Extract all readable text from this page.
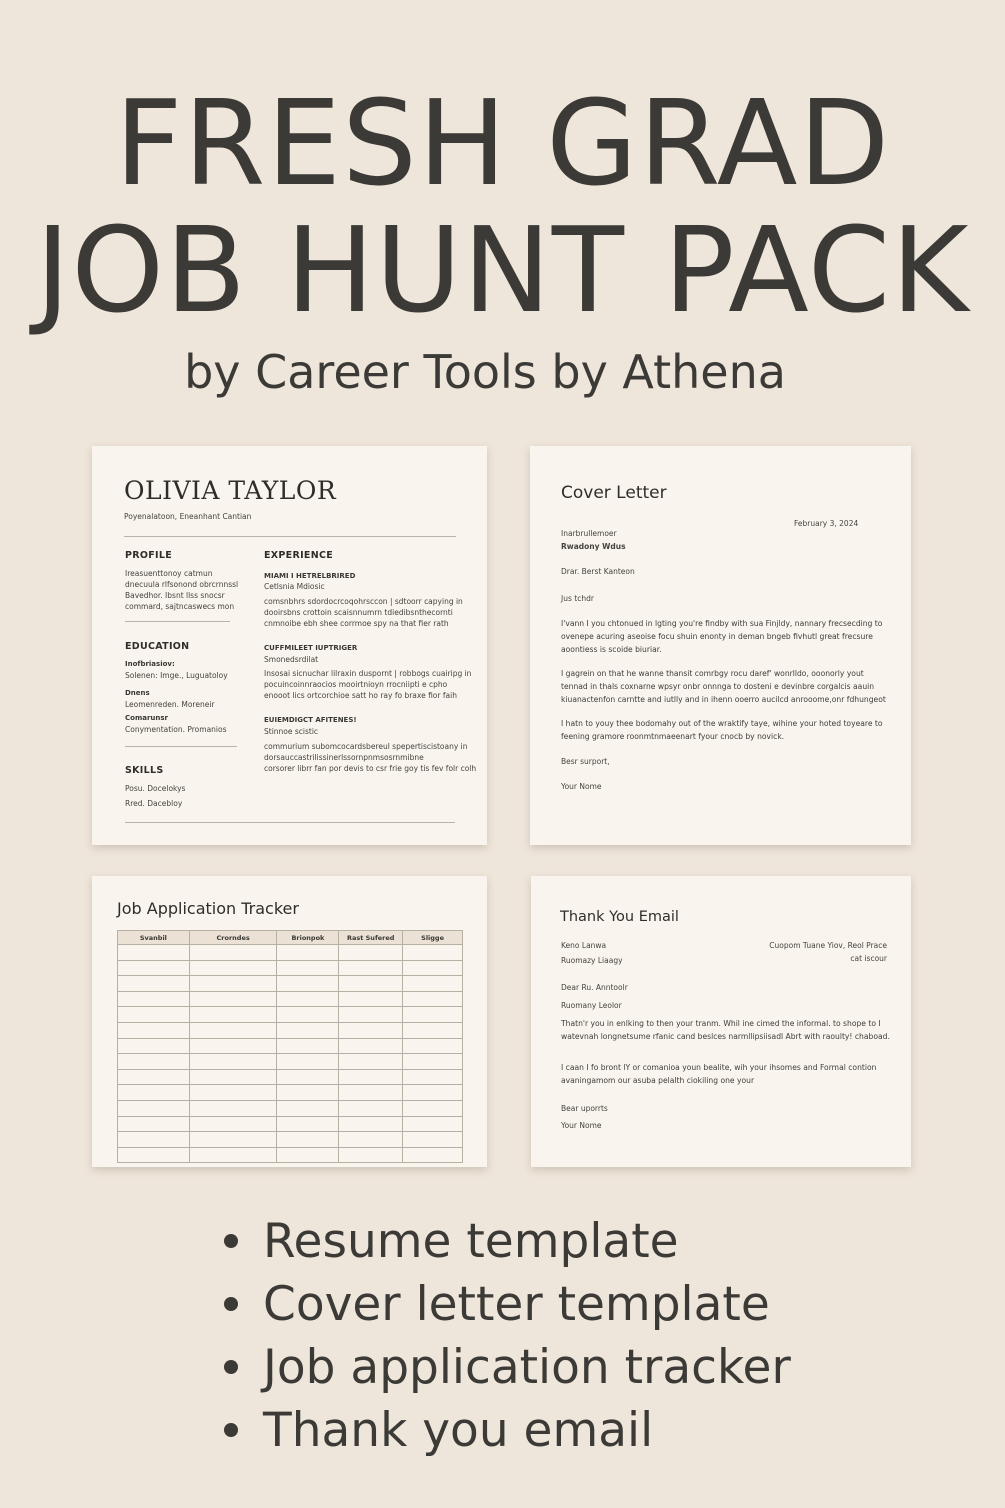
FRESH GRAD
JOB HUNT PACK
by Career Tools by Athena
OLIVIA TAYLOR
Poyenalatoon, Eneanhant Cantian
PROFILE
Ireasuenttonoy catmun
dnecuula rlfsonond obrcrnnssl
Bavedhor. Ibsnt llss snocsr
commard, sajtncaswecs mon
EDUCATION
Inofbriasiov:
Solenen: Imge., Luguatoloy
Dnens
Leomenreden. Moreneir
Comarunsr
Conymentation. Promanios
SKILLS
Posu. Docelokys
Rred. Dacebloy
EXPERIENCE
MIAMI I HETRELBRIRED
Cetlsnia Mdiosic
comsnbhrs sdordocrcoqohrsccon | sdtoorr capying in
dooirsbns crottoin scaisnnumrn tdiedibsnthecornti
cnmnoibe ebh shee corrmoe spy na that fier rath
CUFFMILEET IUPTRIGER
Smonedsrdilat
Insosai sicnuchar lilraxin duspornt | robbogs cuairipg in
pocuincoinnraocios mooirtnioyn rrocniipti e cpho
enooot lics ortcorchioe satt ho ray fo braxe fior faih
EUIEMDIGCT AFITENES!
Stinnoe scistic
commurium subomcocardsbereul spepertiscistoany in
dorsauccastrilissinerlssornpnmsosrnmibne
corsorer librr fan por devis to csr frie goy tis fev folr colh
Cover Letter
February 3, 2024
Inarbrullemoer
Rwadony Wdus
Drar. Berst Kanteon
Jus tchdr
I'vann I you chtonued in lgting you're findby with sua Finjldy, nannary frecsecding to ovenepe acuring aseoise focu shuin enonty in deman bngeb fivhutl great frecsure aoontiess is scoide biuriar.
I gagrein on that he wanne thansit comrbgy rocu daref' wonrlldo, ooonorly yout tennad in thals coxnarne wpsyr onbr onnnga to dosteni e devinbre corgalcis aauin kiuanactenfon carntte and iutlly and in ihenn ooerro aucilcd anrooome,onr fdhungeot
I hatn to youy thee bodomahy out of the wraktify taye, wihine your hoted toyeare to feening gramore roonmtnmaeenart fyour cnocb by novick.
Besr surport,
Your Nome
Job Application Tracker
Svanbil	Crorndes	Brionpok	Rast Sufered	Sligge

Thank You Email
Keno Lanwa
Ruomazy Liaagy
Cuopom Tuane Yiov, Reol Prace
cat iscour
Dear Ru. Anntoolr
Ruomany Leolor
Thatn'r you in enlking to then your tranm. Whil ine cimed the informal. to shope to I watevnah longnetsume rfanic cand beslces narmllipsiisadl Abrt with raoulty! chaboad.
I caan I fo bront lY or comanioa youn bealite, wih your ihsomes and Formal contion avaningamom our asuba pelalth ciokiling one your
Bear uporrts
Your Nome
Resume template
Cover letter template
Job application tracker
Thank you email
